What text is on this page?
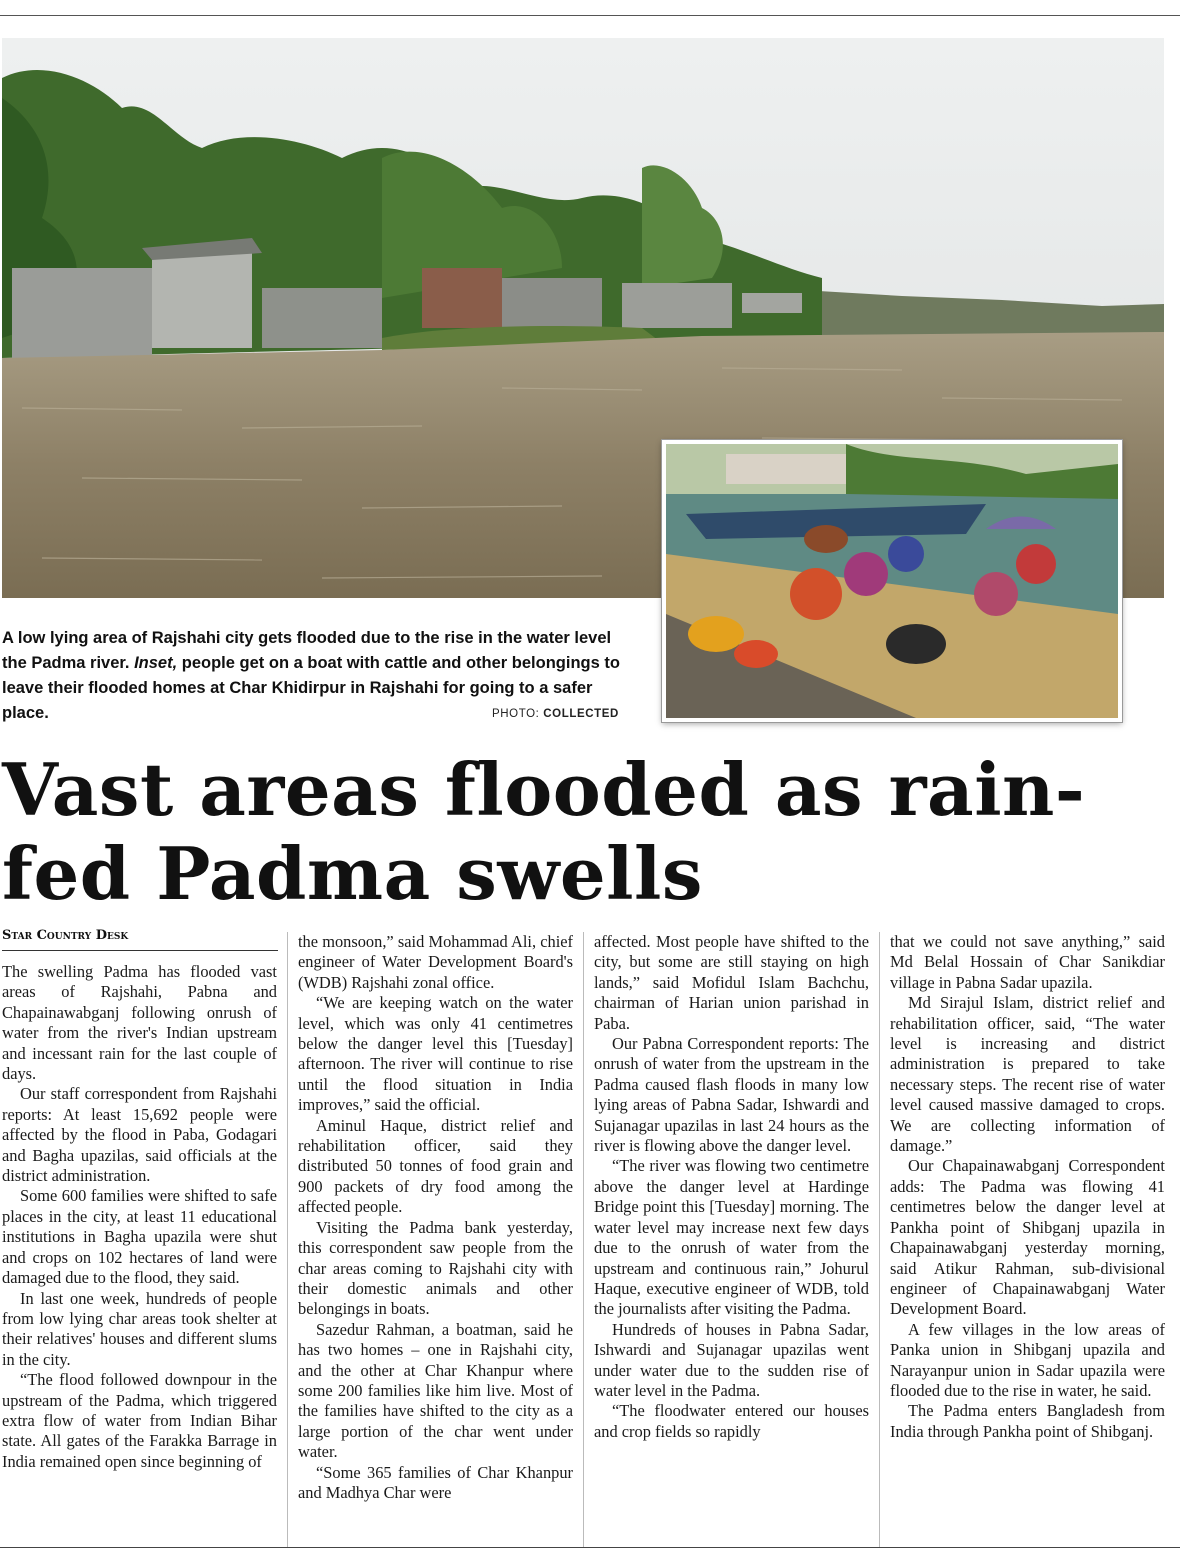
A low lying area of Rajshahi city gets flooded due to the rise in the water level the Padma river. Inset, people get on a boat with cattle and other belongings to leave their flooded homes at Char Khidirpur in Rajshahi for going to a safer place.	PHOTO: COLLECTED
Vast areas flooded as rain-fed Padma swells
Star Country Desk

The swelling Padma has flooded vast areas of Rajshahi, Pabna and Chapainawabganj following onrush of water from the river's Indian upstream and incessant rain for the last couple of days.

Our staff correspondent from Rajshahi reports: At least 15,692 people were affected by the flood in Paba, Godagari and Bagha upazilas, said officials at the district administration.

Some 600 families were shifted to safe places in the city, at least 11 educational institutions in Bagha upazila were shut and crops on 102 hectares of land were damaged due to the flood, they said.

In last one week, hundreds of people from low lying char areas took shelter at their relatives' houses and different slums in the city.

“The flood followed downpour in the upstream of the Padma, which triggered extra flow of water from Indian Bihar state. All gates of the Farakka Barrage in India remained open since beginning of

the monsoon,” said Mohammad Ali, chief engineer of Water Development Board's (WDB) Rajshahi zonal office.

“We are keeping watch on the water level, which was only 41 centimetres below the danger level this [Tuesday] afternoon. The river will continue to rise until the flood situation in India improves,” said the official.

Aminul Haque, district relief and rehabilitation officer, said they distributed 50 tonnes of food grain and 900 packets of dry food among the affected people.

Visiting the Padma bank yesterday, this correspondent saw people from the char areas coming to Rajshahi city with their domestic animals and other belongings in boats.

Sazedur Rahman, a boatman, said he has two homes – one in Rajshahi city, and the other at Char Khanpur where some 200 families like him live. Most of the families have shifted to the city as a large portion of the char went under water.

“Some 365 families of Char Khanpur and Madhya Char were

affected. Most people have shifted to the city, but some are still staying on high lands,” said Mofidul Islam Bachchu, chairman of Harian union parishad in Paba.

Our Pabna Correspondent reports: The onrush of water from the upstream in the Padma caused flash floods in many low lying areas of Pabna Sadar, Ishwardi and Sujanagar upazilas in last 24 hours as the river is flowing above the danger level.

“The river was flowing two centimetre above the danger level at Hardinge Bridge point this [Tuesday] morning. The water level may increase next few days due to the onrush of water from the upstream and continuous rain,” Johurul Haque, executive engineer of WDB, told the journalists after visiting the Padma.

Hundreds of houses in Pabna Sadar, Ishwardi and Sujanagar upazilas went under water due to the sudden rise of water level in the Padma.

“The floodwater entered our houses and crop fields so rapidly

that we could not save anything,” said Md Belal Hossain of Char Sanikdiar village in Pabna Sadar upazila.

Md Sirajul Islam, district relief and rehabilitation officer, said, “The water level is increasing and district administration is prepared to take necessary steps. The recent rise of water level caused massive damaged to crops. We are collecting information of damage.”

Our Chapainawabganj Correspondent adds: The Padma was flowing 41 centimetres below the danger level at Pankha point of Shibganj upazila in Chapainawabganj yesterday morning, said Atikur Rahman, sub-divisional engineer of Chapainawabganj Water Development Board.

A few villages in the low areas of Panka union in Shibganj upazila and Narayanpur union in Sadar upazila were flooded due to the rise in water, he said.

The Padma enters Bangladesh from India through Pankha point of Shibganj.
